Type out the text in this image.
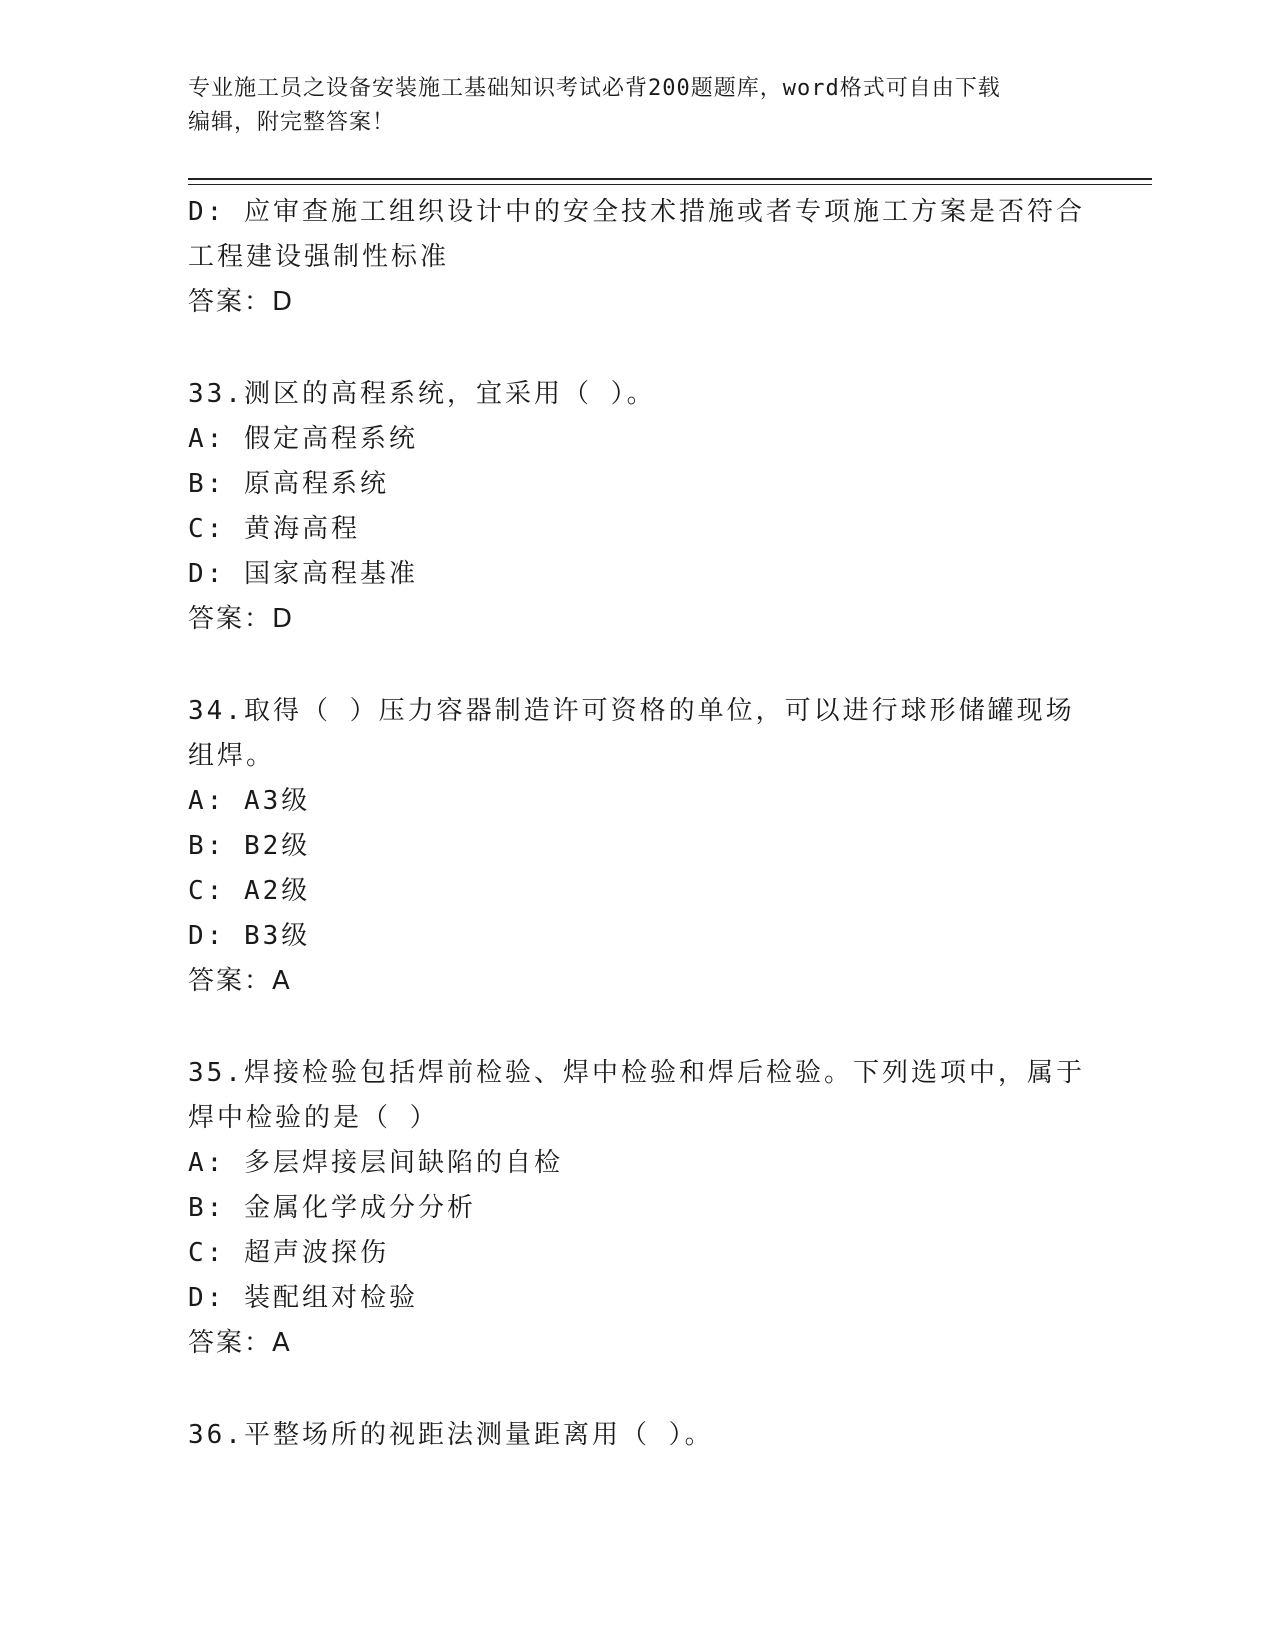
专业施工员之设备安装施工基础知识考试必背200题题库，word格式可自由下载
编辑，附完整答案！
D: 应审查施工组织设计中的安全技术措施或者专项施工方案是否符合
工程建设强制性标准
答案：D
33.测区的高程系统，宜采用（ ）。
A: 假定高程系统
B: 原高程系统
C: 黄海高程
D: 国家高程基准
答案：D
34.取得（ ）压力容器制造许可资格的单位，可以进行球形储罐现场
组焊。
A: A3级
B: B2级
C: A2级
D: B3级
答案：A
35.焊接检验包括焊前检验、焊中检验和焊后检验。下列选项中，属于
焊中检验的是（ ）
A: 多层焊接层间缺陷的自检
B: 金属化学成分分析
C: 超声波探伤
D: 装配组对检验
答案：A
36.平整场所的视距法测量距离用（ ）。
